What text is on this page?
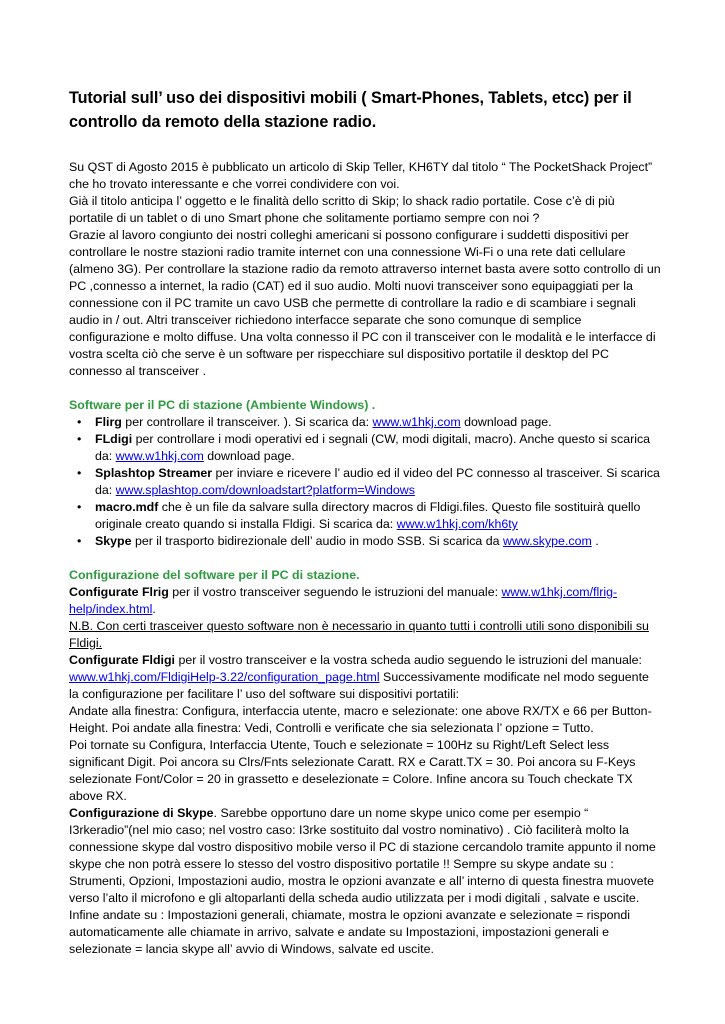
Tutorial sull’ uso dei dispositivi mobili ( Smart-Phones, Tablets, etcc) per il controllo da remoto della stazione radio.

Su QST di Agosto 2015 è pubblicato un articolo di Skip Teller, KH6TY dal titolo “ The PocketShack Project” che ho trovato interessante e che vorrei condividere con voi.

Già il titolo anticipa l’ oggetto e le finalità dello scritto di Skip; lo shack radio portatile. Cose c’è di più portatile di un tablet o di uno Smart phone che solitamente portiamo sempre con noi ?

Grazie al lavoro congiunto dei nostri colleghi americani si possono configurare i suddetti dispositivi per controllare le nostre stazioni radio tramite internet con una connessione Wi-Fi o una rete dati cellulare (almeno 3G). Per controllare la stazione radio da remoto attraverso internet basta avere sotto controllo di un PC ,connesso a internet, la radio (CAT) ed il suo audio. Molti nuovi transceiver sono equipaggiati per la connessione con il PC tramite un cavo USB che permette di controllare la radio e di scambiare i segnali audio in / out. Altri transceiver richiedono interfacce separate che sono comunque di semplice configurazione e molto diffuse. Una volta connesso il PC con il transceiver con le modalità e le interfacce di vostra scelta ciò che serve è un software per rispecchiare sul dispositivo portatile il desktop del PC connesso al transceiver .

Software per il PC di stazione (Ambiente Windows) .
• Flirg per controllare il transceiver. ). Si scarica da: www.w1hkj.com download page.
• FLdigi per controllare i modi operativi ed i segnali (CW, modi digitali, macro). Anche questo si scarica da: www.w1hkj.com download page.
• Splashtop Streamer per inviare e ricevere l’ audio ed il video del PC connesso al trasceiver. Si scarica da: www.splashtop.com/downloadstart?platform=Windows
• macro.mdf che è un file da salvare sulla directory macros di Fldigi.files. Questo file sostituirà quello originale creato quando si installa Fldigi. Si scarica da: www.w1hkj.com/kh6ty
• Skype per il trasporto bidirezionale dell’ audio in modo SSB. Si scarica da www.skype.com .
Configurazione del software per il PC di stazione.

Configurate Flrig per il vostro transceiver seguendo le istruzioni del manuale: www.w1hkj.com/flrig-help/index.html.

N.B. Con certi trasceiver questo software non è necessario in quanto tutti i controlli utili sono disponibili su Fldigi.

Configurate Fldigi per il vostro transceiver e la vostra scheda audio seguendo le istruzioni del manuale: www.w1hkj.com/FldigiHelp-3.22/configuration_page.html Successivamente modificate nel modo seguente la configurazione per facilitare l’ uso del software sui dispositivi portatili:

Andate alla finestra: Configura, interfaccia utente, macro e selezionate: one above RX/TX e 66 per Button-Height. Poi andate alla finestra: Vedi, Controlli e verificate che sia selezionata l’ opzione = Tutto.

Poi tornate su Configura, Interfaccia Utente, Touch e selezionate = 100Hz su Right/Left Select less significant Digit. Poi ancora su Clrs/Fnts selezionate Caratt. RX e Caratt.TX = 30. Poi ancora su F-Keys selezionate Font/Color = 20 in grassetto e deselezionate = Colore. Infine ancora su Touch checkate TX above RX.

Configurazione di Skype. Sarebbe opportuno dare un nome skype unico come per esempio “ I3rkeradio”(nel mio caso; nel vostro caso: I3rke sostituito dal vostro nominativo) . Ciò faciliterà molto la connessione skype dal vostro dispositivo mobile verso il PC di stazione cercandolo tramite appunto il nome skype che non potrà essere lo stesso del vostro dispositivo portatile !! Sempre su skype andate su : Strumenti, Opzioni, Impostazioni audio, mostra le opzioni avanzate e all’ interno di questa finestra muovete verso l’alto il microfono e gli altoparlanti della scheda audio utilizzata per i modi digitali , salvate e uscite. Infine andate su : Impostazioni generali, chiamate, mostra le opzioni avanzate e selezionate = rispondi automaticamente alle chiamate in arrivo, salvate e andate su Impostazioni, impostazioni generali e selezionate = lancia skype all’ avvio di Windows, salvate ed uscite.
